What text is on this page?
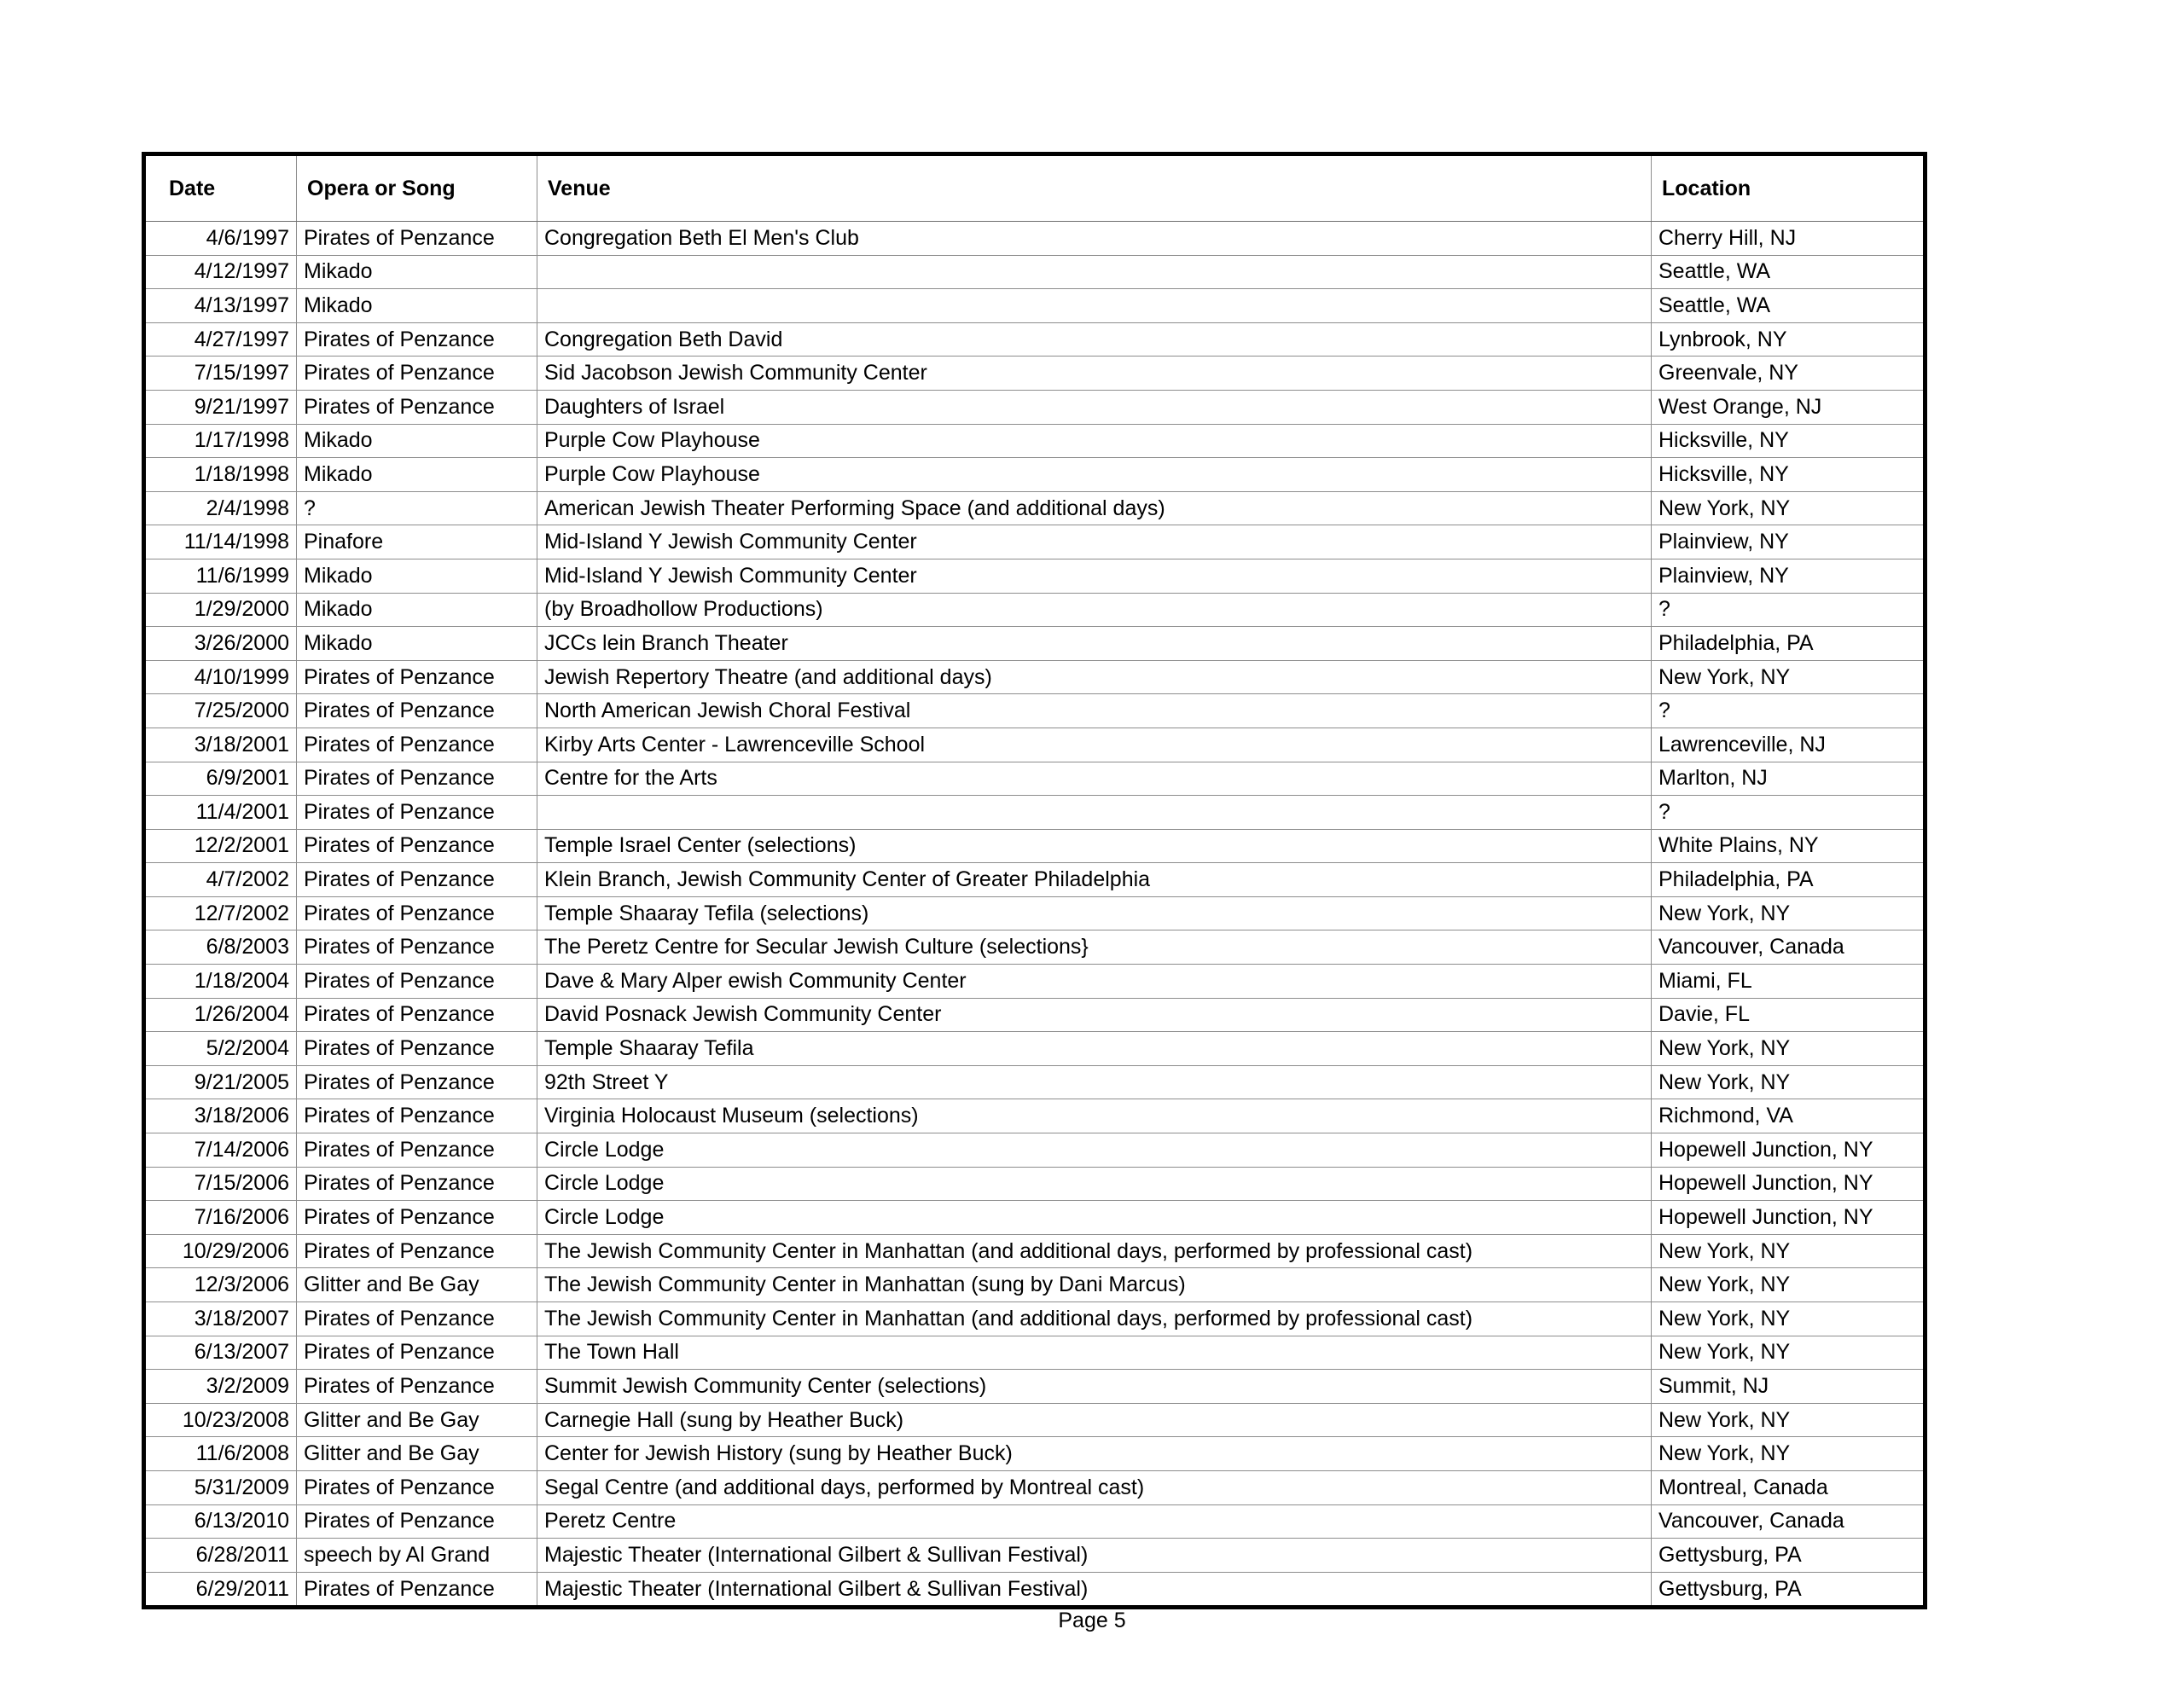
Date	Opera or Song	Venue	Location
4/6/1997	Pirates of Penzance	Congregation Beth El Men's Club	Cherry Hill, NJ
4/12/1997	Mikado		Seattle, WA
4/13/1997	Mikado		Seattle, WA
4/27/1997	Pirates of Penzance	Congregation Beth David	Lynbrook, NY
7/15/1997	Pirates of Penzance	Sid Jacobson Jewish Community Center	Greenvale, NY
9/21/1997	Pirates of Penzance	Daughters of Israel	West Orange, NJ
1/17/1998	Mikado	Purple Cow Playhouse	Hicksville, NY
1/18/1998	Mikado	Purple Cow Playhouse	Hicksville, NY
2/4/1998	?	American Jewish Theater Performing Space (and additional days)	New York, NY
11/14/1998	Pinafore	Mid-Island Y Jewish Community Center	Plainview, NY
11/6/1999	Mikado	Mid-Island Y Jewish Community Center	Plainview, NY
1/29/2000	Mikado	(by Broadhollow Productions)	?
3/26/2000	Mikado	JCCs lein Branch Theater	Philadelphia, PA
4/10/1999	Pirates of Penzance	Jewish Repertory Theatre (and additional days)	New York, NY
7/25/2000	Pirates of Penzance	North American Jewish Choral Festival	?
3/18/2001	Pirates of Penzance	Kirby Arts Center - Lawrenceville School	Lawrenceville, NJ
6/9/2001	Pirates of Penzance	Centre for the Arts	Marlton, NJ
11/4/2001	Pirates of Penzance		?
12/2/2001	Pirates of Penzance	Temple Israel Center (selections)	White Plains, NY
4/7/2002	Pirates of Penzance	Klein Branch, Jewish Community Center of Greater Philadelphia	Philadelphia, PA
12/7/2002	Pirates of Penzance	Temple Shaaray Tefila (selections)	New York, NY
6/8/2003	Pirates of Penzance	The Peretz Centre for Secular Jewish Culture (selections}	Vancouver, Canada
1/18/2004	Pirates of Penzance	Dave & Mary Alper ewish Community Center	Miami, FL
1/26/2004	Pirates of Penzance	David Posnack Jewish Community Center	Davie, FL
5/2/2004	Pirates of Penzance	Temple Shaaray Tefila	New York, NY
9/21/2005	Pirates of Penzance	92th Street Y	New York, NY
3/18/2006	Pirates of Penzance	Virginia Holocaust Museum (selections)	Richmond, VA
7/14/2006	Pirates of Penzance	Circle Lodge	Hopewell Junction, NY
7/15/2006	Pirates of Penzance	Circle Lodge	Hopewell Junction, NY
7/16/2006	Pirates of Penzance	Circle Lodge	Hopewell Junction, NY
10/29/2006	Pirates of Penzance	The Jewish Community Center in Manhattan (and additional days, performed by professional cast)	New York, NY
12/3/2006	Glitter and Be Gay	The Jewish Community Center in Manhattan (sung by Dani Marcus)	New York, NY
3/18/2007	Pirates of Penzance	The Jewish Community Center in Manhattan (and additional days, performed by professional cast)	New York, NY
6/13/2007	Pirates of Penzance	The Town Hall	New York, NY
3/2/2009	Pirates of Penzance	Summit Jewish Community Center (selections)	Summit, NJ
10/23/2008	Glitter and Be Gay	Carnegie Hall (sung by Heather Buck)	New York, NY
11/6/2008	Glitter and Be Gay	Center for Jewish History (sung by Heather Buck)	New York, NY
5/31/2009	Pirates of Penzance	Segal Centre (and additional days, performed by Montreal cast)	Montreal, Canada
6/13/2010	Pirates of Penzance	Peretz Centre	Vancouver, Canada
6/28/2011	speech by Al Grand	Majestic Theater (International Gilbert & Sullivan Festival)	Gettysburg, PA
6/29/2011	Pirates of Penzance	Majestic Theater (International Gilbert & Sullivan Festival)	Gettysburg, PA
Page 5
